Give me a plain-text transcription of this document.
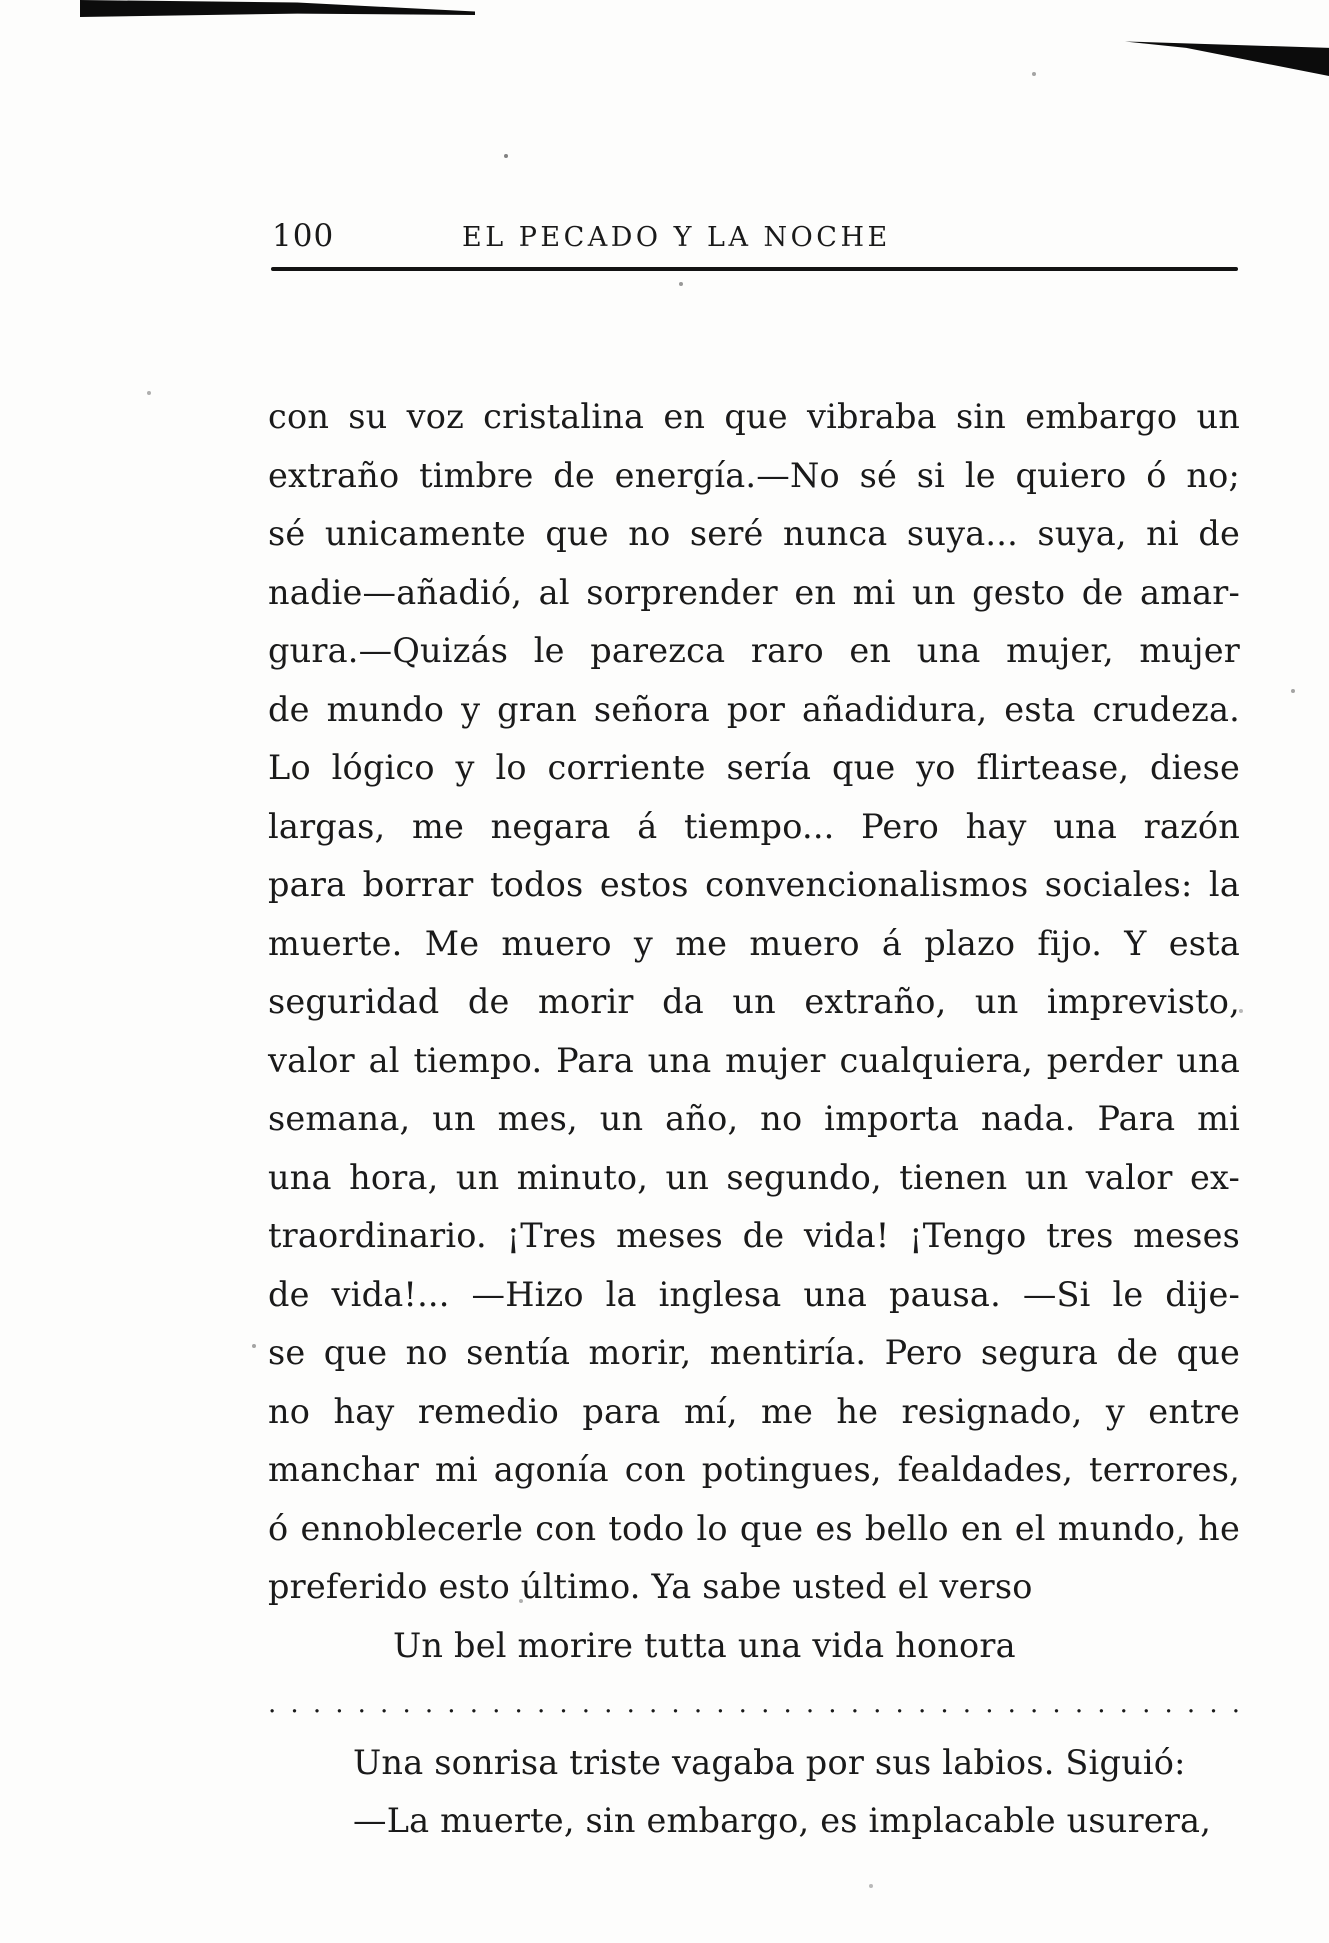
100	EL PECADO Y LA NOCHE
con su voz cristalina en que vibraba sin embargo un
extraño timbre de energía.—No sé si le quiero ó no;
sé unicamente que no seré nunca suya... suya, ni de
nadie—añadió, al sorprender en mi un gesto de amar-
gura.—Quizás le parezca raro en una mujer, mujer
de mundo y gran señora por añadidura, esta crudeza.
Lo lógico y lo corriente sería que yo flirtease, diese
largas, me negara á tiempo... Pero hay una razón
para borrar todos estos convencionalismos sociales: la
muerte. Me muero y me muero á plazo fijo. Y esta
seguridad de morir da un extraño, un imprevisto,
valor al tiempo. Para una mujer cualquiera, perder una
semana, un mes, un año, no importa nada. Para mi
una hora, un minuto, un segundo, tienen un valor ex-
traordinario. ¡Tres meses de vida! ¡Tengo tres meses
de vida!... —Hizo la inglesa una pausa. —Si le dije-
se que no sentía morir, mentiría. Pero segura de que
no hay remedio para mí, me he resignado, y entre
manchar mi agonía con potingues, fealdades, terrores,
ó ennoblecerle con todo lo que es bello en el mundo, he
preferido esto último. Ya sabe usted el verso
Un bel morire tutta una vida honora
. . . . . . . . . . . . . . . . . . . . . . . . . . . . . . . . . . . . . . . . . . . .
Una sonrisa triste vagaba por sus labios. Siguió:
—La muerte, sin embargo, es implacable usurera,
